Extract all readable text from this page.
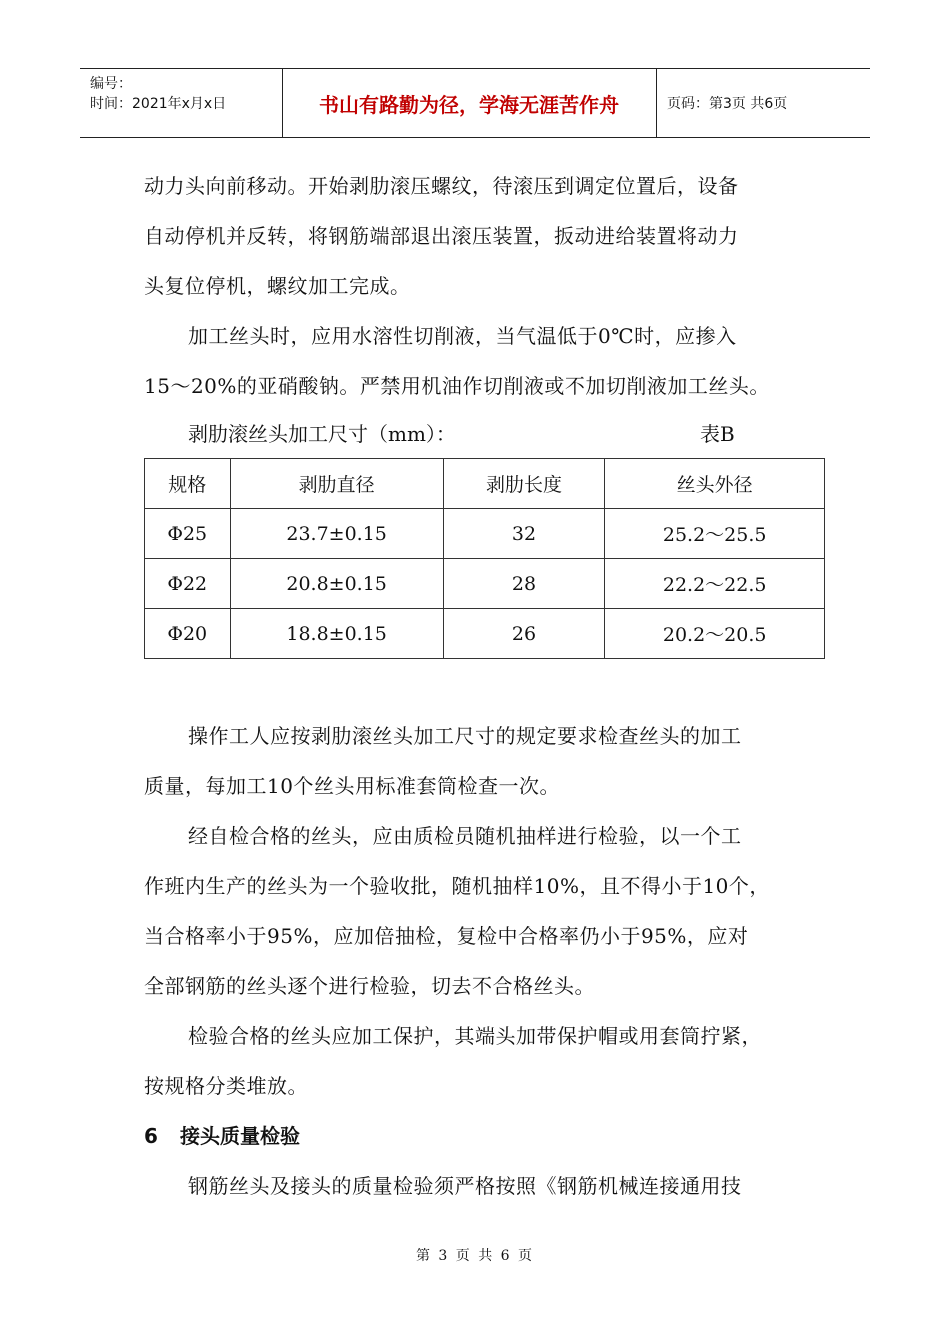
编号：
时间：2021年x月x日	书山有路勤为径，学海无涯苦作舟	页码：第3页 共6页

动力头向前移动。开始剥肋滚压螺纹，待滚压到调定位置后，设备

自动停机并反转，将钢筋端部退出滚压装置，扳动进给装置将动力

头复位停机，螺纹加工完成。

加工丝头时，应用水溶性切削液，当气温低于0℃时，应掺入

15～20%的亚硝酸钠。严禁用机油作切削液或不加切削液加工丝头。

剥肋滚丝头加工尺寸（mm）：	表B
规格	剥肋直径	剥肋长度	丝头外径
Φ25	23.7±0.15	32	25.2～25.5
Φ22	20.8±0.15	28	22.2～22.5
Φ20	18.8±0.15	26	20.2～20.5

操作工人应按剥肋滚丝头加工尺寸的规定要求检查丝头的加工

质量，每加工10个丝头用标准套筒检查一次。

经自检合格的丝头，应由质检员随机抽样进行检验，以一个工

作班内生产的丝头为一个验收批，随机抽样10%，且不得小于10个，

当合格率小于95%，应加倍抽检，复检中合格率仍小于95%，应对

全部钢筋的丝头逐个进行检验，切去不合格丝头。

检验合格的丝头应加工保护，其端头加带保护帽或用套筒拧紧，

按规格分类堆放。

6 接头质量检验

钢筋丝头及接头的质量检验须严格按照《钢筋机械连接通用技

第 3 页 共 6 页
